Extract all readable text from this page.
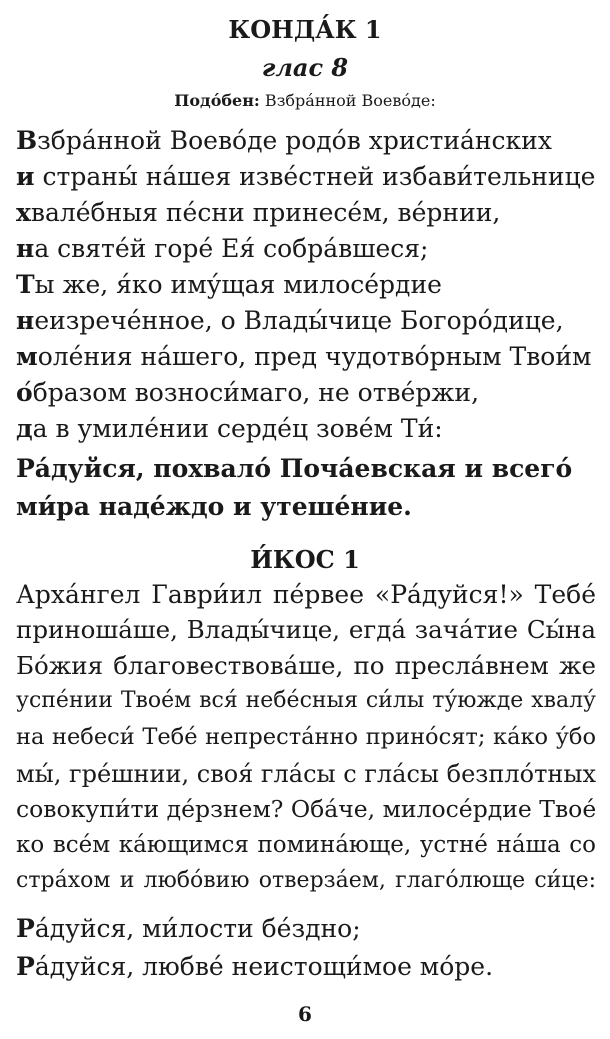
КОНДА́К 1
глас 8
Подо́бен: Взбра́нной Воево́де:
Взбра́нной Воево́де родо́в христиа́нских
и страны́ на́шея изве́стней избави́тельнице
хвале́бныя пе́сни принесе́м, ве́рнии,
на святе́й горе́ Ея́ собра́вшеся;
Ты же, я́ко иму́щая милосе́рдие
неизрече́нное, о Влады́чице Богоро́дице,
моле́ния на́шего, пред чудотво́рным Твои́м
о́бразом возноси́маго, не отве́ржи,
да в умиле́нии серде́ц зове́м Ти́:
Ра́дуйся, похвало́ Поча́евская и всего́
ми́ра наде́ждо и утеше́ние.
И́КОС 1
Арха́нгел Гаври́ил пе́рвее «Ра́дуйся!» Тебе́
приноша́ше, Влады́чице, егда́ зача́тие Сы́на
Бо́жия благовествова́ше, по пресла́внем же
успе́нии Твое́м вся́ небе́сныя си́лы ту́южде хвалу́
на небеси́ Тебе́ непреста́нно прино́сят; ка́ко у́бо
мы́, гре́шнии, своя́ гла́сы с гла́сы безпло́тных
совокупи́ти де́рзнем? Оба́че, милосе́рдие Твое́
ко все́м ка́ющимся помина́юще, устне́ на́ша со
стра́хом и любо́вию отверза́ем, глаго́люще си́це:
Ра́дуйся, ми́лости бе́здно;
Ра́дуйся, любве́ неистощи́мое мо́ре.
6
